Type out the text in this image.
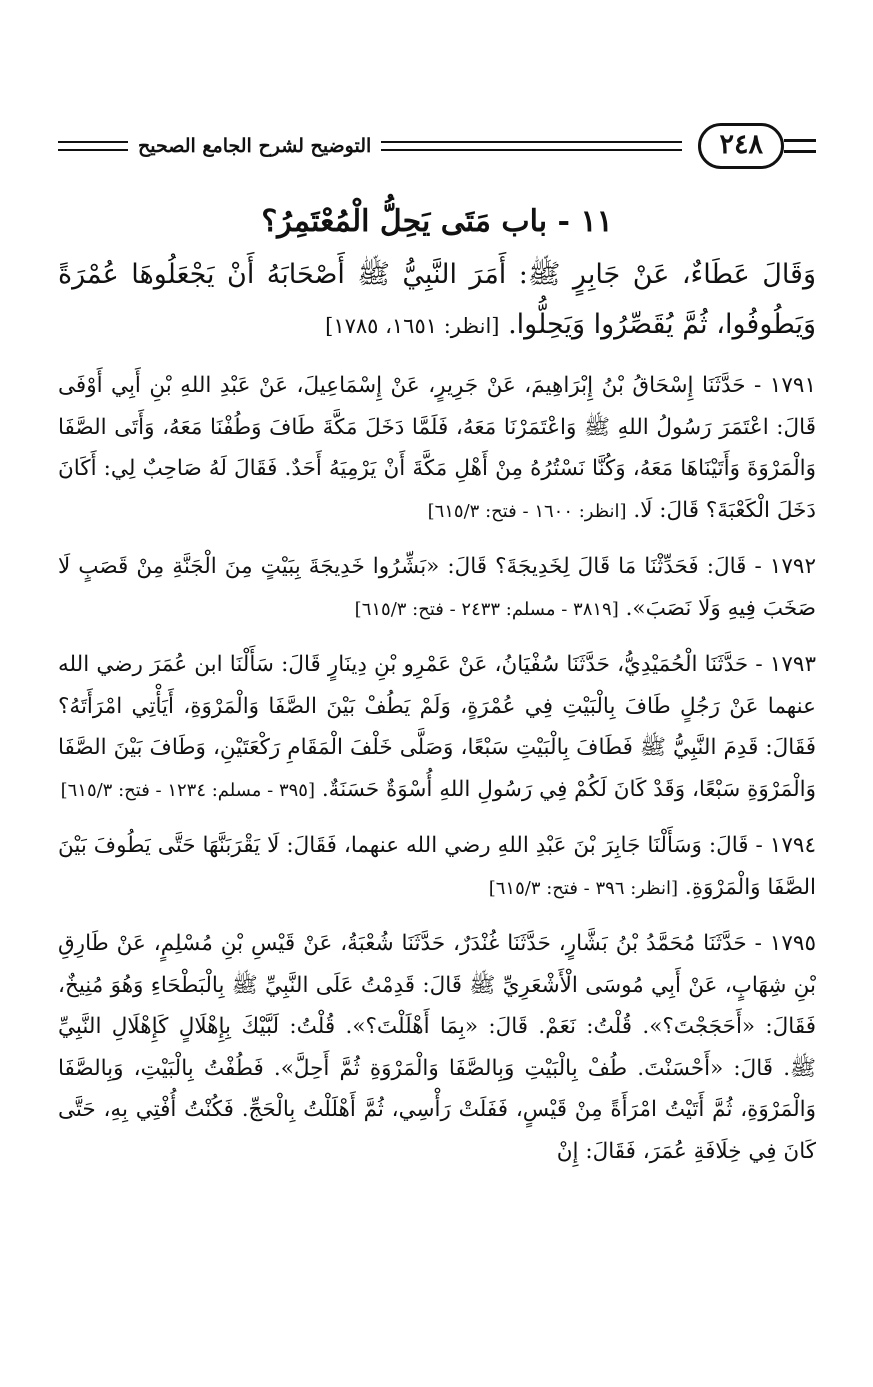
٢٤٨
التوضيح لشرح الجامع الصحيح
١١ - باب مَتَى يَحِلُّ الْمُعْتَمِرُ؟
وَقَالَ عَطَاءٌ، عَنْ جَابِرٍ ﷺ: أَمَرَ النَّبِيُّ ﷺ أَصْحَابَهُ أَنْ يَجْعَلُوهَا عُمْرَةً وَيَطُوفُوا، ثُمَّ يُقَصِّرُوا وَيَحِلُّوا. [انظر: ١٦٥١، ١٧٨٥]
١٧٩١ - حَدَّثَنَا إِسْحَاقُ بْنُ إِبْرَاهِيمَ، عَنْ جَرِيرٍ، عَنْ إِسْمَاعِيلَ، عَنْ عَبْدِ اللهِ بْنِ أَبِي أَوْفَى قَالَ: اعْتَمَرَ رَسُولُ اللهِ ﷺ وَاعْتَمَرْنَا مَعَهُ، فَلَمَّا دَخَلَ مَكَّةَ طَافَ وَطُفْنَا مَعَهُ، وَأَتَى الصَّفَا وَالْمَرْوَةَ وَأَتَيْنَاهَا مَعَهُ، وَكُنَّا نَسْتُرُهُ مِنْ أَهْلِ مَكَّةَ أَنْ يَرْمِيَهُ أَحَدٌ. فَقَالَ لَهُ صَاحِبٌ لِي: أَكَانَ دَخَلَ الْكَعْبَةَ؟ قَالَ: لَا. [انظر: ١٦٠٠ - فتح: ٦١٥/٣]
١٧٩٢ - قَالَ: فَحَدِّثْنَا مَا قَالَ لِخَدِيجَةَ؟ قَالَ: «بَشِّرُوا خَدِيجَةَ بِبَيْتٍ مِنَ الْجَنَّةِ مِنْ قَصَبٍ لَا صَخَبَ فِيهِ وَلَا نَصَبَ». [٣٨١٩ - مسلم: ٢٤٣٣ - فتح: ٦١٥/٣]
١٧٩٣ - حَدَّثَنَا الْحُمَيْدِيُّ، حَدَّثَنَا سُفْيَانُ، عَنْ عَمْرِو بْنِ دِينَارٍ قَالَ: سَأَلْنَا ابن عُمَرَ رضي الله عنهما عَنْ رَجُلٍ طَافَ بِالْبَيْتِ فِي عُمْرَةٍ، وَلَمْ يَطُفْ بَيْنَ الصَّفَا وَالْمَرْوَةِ، أَيَأْتِي امْرَأَتَهُ؟ فَقَالَ: قَدِمَ النَّبِيُّ ﷺ فَطَافَ بِالْبَيْتِ سَبْعًا، وَصَلَّى خَلْفَ الْمَقَامِ رَكْعَتَيْنِ، وَطَافَ بَيْنَ الصَّفَا وَالْمَرْوَةِ سَبْعًا، وَقَدْ كَانَ لَكُمْ فِي رَسُولِ اللهِ أُسْوَةٌ حَسَنَةٌ. [٣٩٥ - مسلم: ١٢٣٤ - فتح: ٦١٥/٣]
١٧٩٤ - قَالَ: وَسَأَلْنَا جَابِرَ بْنَ عَبْدِ اللهِ رضي الله عنهما، فَقَالَ: لَا يَقْرَبَنَّهَا حَتَّى يَطُوفَ بَيْنَ الصَّفَا وَالْمَرْوَةِ. [انظر: ٣٩٦ - فتح: ٦١٥/٣]
١٧٩٥ - حَدَّثَنَا مُحَمَّدُ بْنُ بَشَّارٍ، حَدَّثَنَا غُنْدَرٌ، حَدَّثَنَا شُعْبَةُ، عَنْ قَيْسِ بْنِ مُسْلِمٍ، عَنْ طَارِقِ بْنِ شِهَابٍ، عَنْ أَبِي مُوسَى الْأَشْعَرِيِّ ﷺ قَالَ: قَدِمْتُ عَلَى النَّبِيِّ ﷺ بِالْبَطْحَاءِ وَهُوَ مُنِيخٌ، فَقَالَ: «أَحَجَجْتَ؟». قُلْتُ: نَعَمْ. قَالَ: «بِمَا أَهْلَلْتَ؟». قُلْتُ: لَبَّيْكَ بِإِهْلَالٍ كَإِهْلَالِ النَّبِيِّ ﷺ. قَالَ: «أَحْسَنْتَ. طُفْ بِالْبَيْتِ وَبِالصَّفَا وَالْمَرْوَةِ ثُمَّ أَحِلَّ». فَطُفْتُ بِالْبَيْتِ، وَبِالصَّفَا وَالْمَرْوَةِ، ثُمَّ أَتَيْتُ امْرَأَةً مِنْ قَيْسٍ، فَفَلَتْ رَأْسِي، ثُمَّ أَهْلَلْتُ بِالْحَجِّ. فَكُنْتُ أُفْتِي بِهِ، حَتَّى كَانَ فِي خِلَافَةِ عُمَرَ، فَقَالَ: إِنْ
